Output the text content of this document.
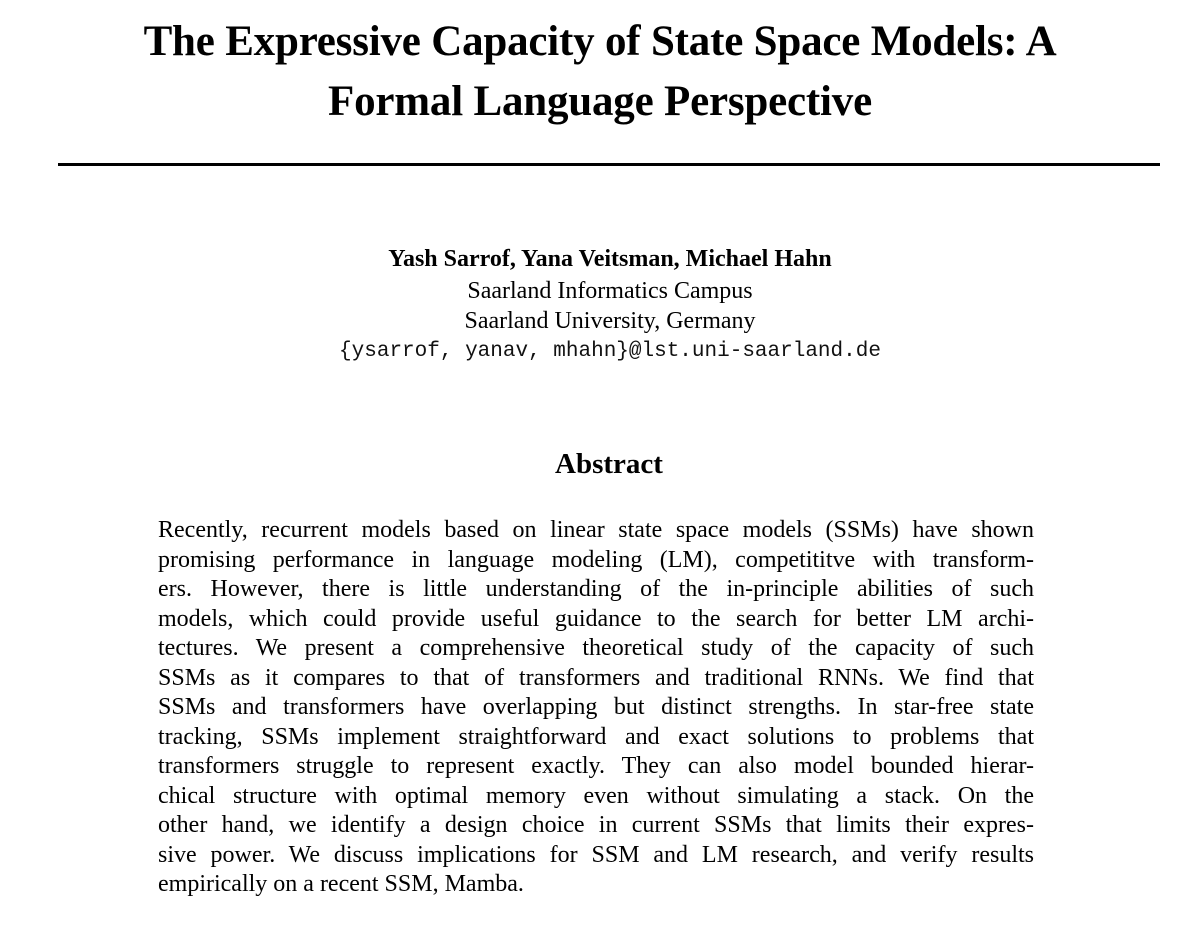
The Expressive Capacity of State Space Models: A
Formal Language Perspective
Yash Sarrof, Yana Veitsman, Michael Hahn
Saarland Informatics Campus
Saarland University, Germany
{ysarrof, yanav, mhahn}@lst.uni-saarland.de
Abstract

Recently, recurrent models based on linear state space models (SSMs) have shown
promising performance in language modeling (LM), competititve with transform-
ers. However, there is little understanding of the in-principle abilities of such
models, which could provide useful guidance to the search for better LM archi-
tectures. We present a comprehensive theoretical study of the capacity of such
SSMs as it compares to that of transformers and traditional RNNs. We find that
SSMs and transformers have overlapping but distinct strengths. In star-free state
tracking, SSMs implement straightforward and exact solutions to problems that
transformers struggle to represent exactly. They can also model bounded hierar-
chical structure with optimal memory even without simulating a stack. On the
other hand, we identify a design choice in current SSMs that limits their expres-
sive power. We discuss implications for SSM and LM research, and verify results
empirically on a recent SSM, Mamba.
